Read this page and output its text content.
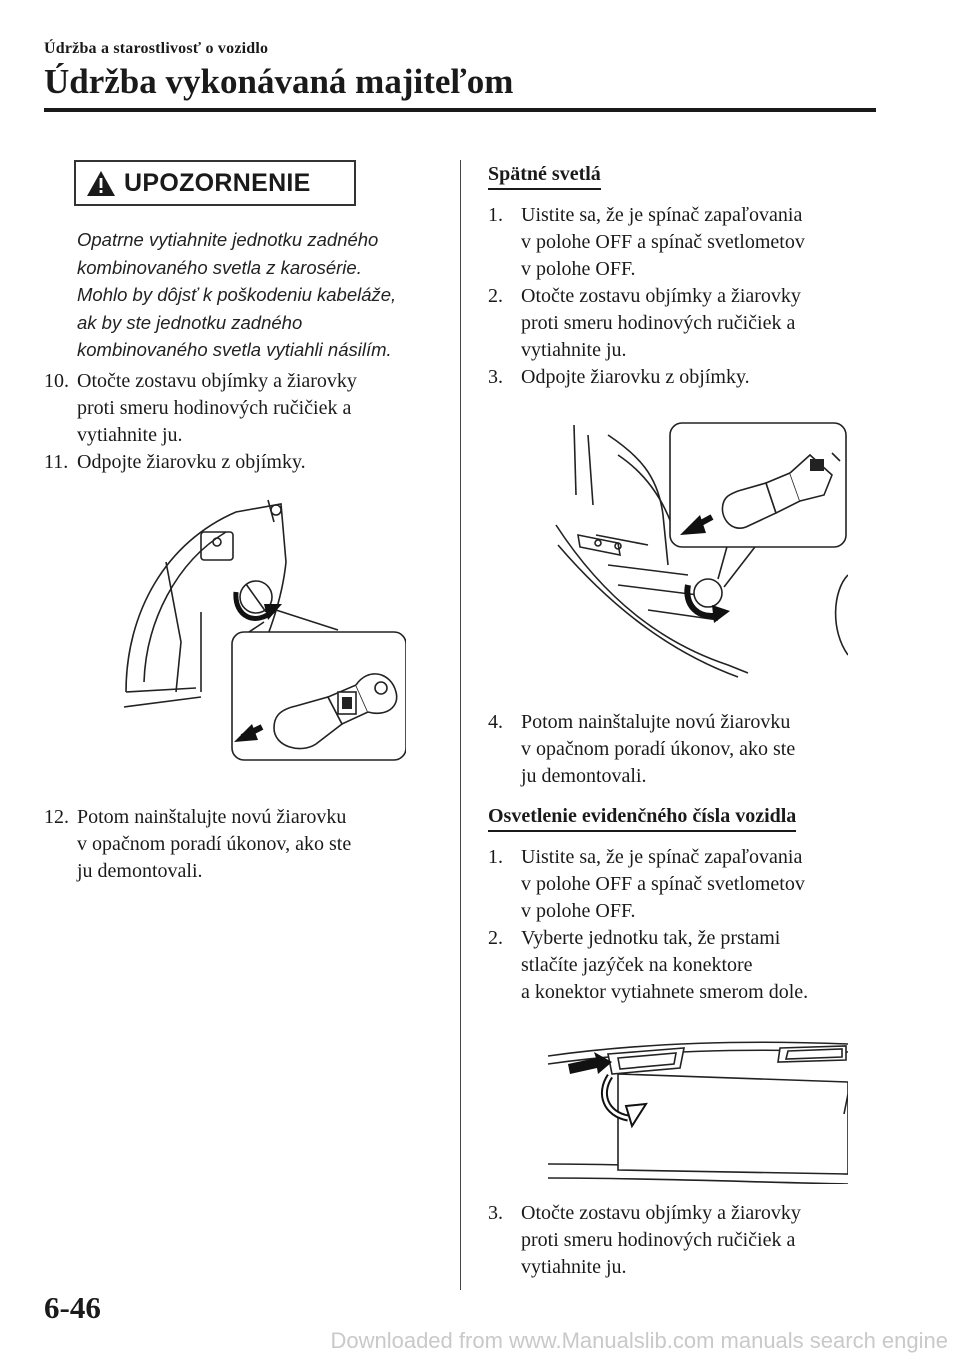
Údržba a starostlivosť o vozidlo
Údržba vykonávaná majiteľom
UPOZORNENIE
Opatrne vytiahnite jednotku zadného
kombinovaného svetla z karosérie.
Mohlo by dôjsť k poškodeniu kabeláže,
ak by ste jednotku zadného
kombinovaného svetla vytiahli násilím.
10. Otočte zostavu objímky a žiarovky
proti smeru hodinových ručičiek a
vytiahnite ju.
11. Odpojte žiarovku z objímky.
12. Potom nainštalujte novú žiarovku
v opačnom poradí úkonov, ako ste
ju demontovali.
Spätné svetlá
1. Uistite sa, že je spínač zapaľovania
v polohe OFF a spínač svetlometov
v polohe OFF.
2. Otočte zostavu objímky a žiarovky
proti smeru hodinových ručičiek a
vytiahnite ju.
3. Odpojte žiarovku z objímky.
4. Potom nainštalujte novú žiarovku
v opačnom poradí úkonov, ako ste
ju demontovali.
Osvetlenie evidenčného čísla vozidla
1. Uistite sa, že je spínač zapaľovania
v polohe OFF a spínač svetlometov
v polohe OFF.
2. Vyberte jednotku tak, že prstami
stlačíte jazýček na konektore
a konektor vytiahnete smerom dole.
3. Otočte zostavu objímky a žiarovky
proti smeru hodinových ručičiek a
vytiahnite ju.
6-46
Downloaded from www.Manualslib.com manuals search engine
